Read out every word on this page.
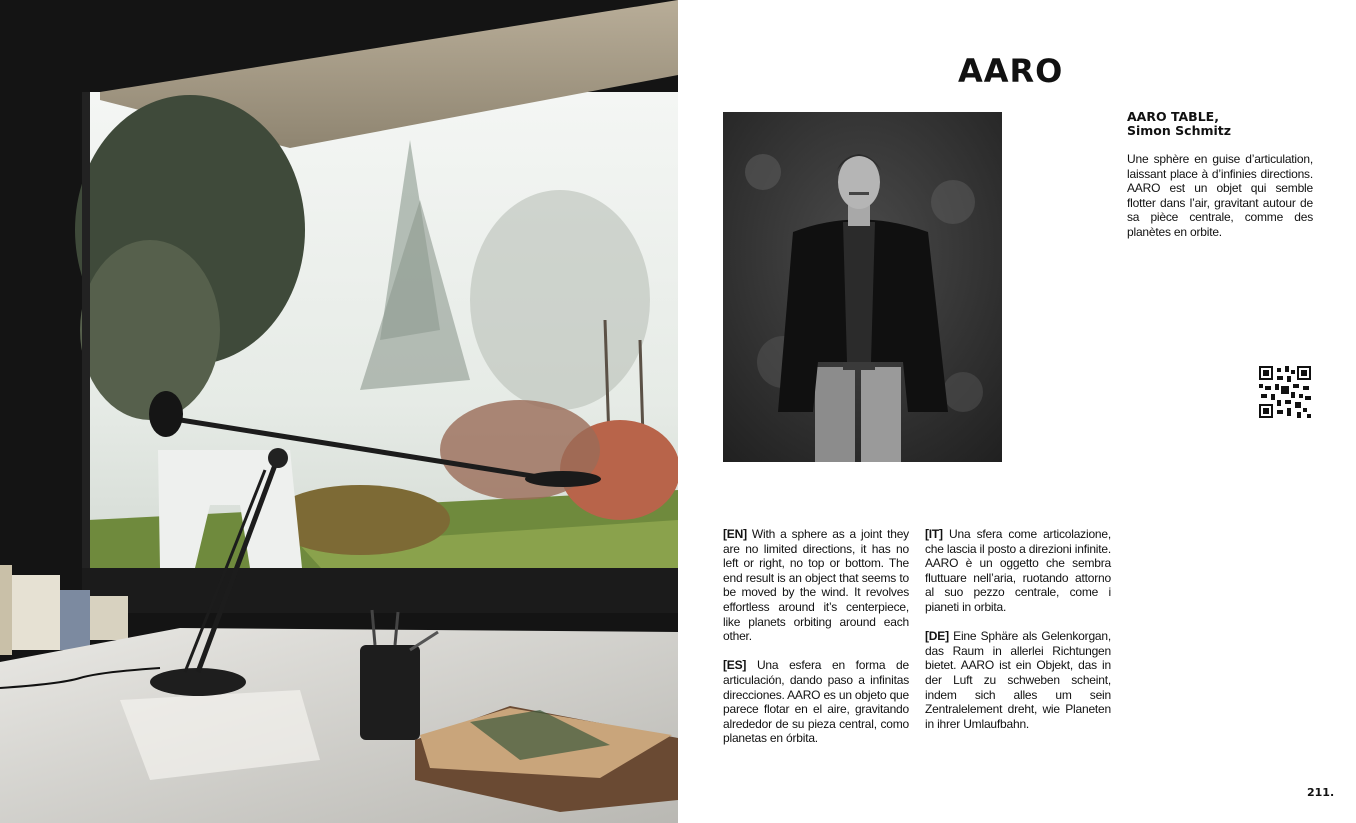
AARO

AARO TABLE,

Simon Schmitz

Une sphère en guise d’articulation, laissant place à d’infinies directions. AARO est un objet qui semble flotter dans l’air, gravitant autour de sa pièce centrale, comme des planètes en orbite.

[EN] With a sphere as a joint they are no limited directions, it has no left or right, no top or bottom. The end result is an object that seems to be moved by the wind. It revolves effortless around it’s centerpiece, like planets orbiting around each other.

[ES] Una esfera en forma de articulación, dando paso a infinitas direcciones. AARO es un objeto que parece flotar en el aire, gravitando alrededor de su pieza central, como planetas en órbita.

[IT] Una sfera come articolazione, che lascia il posto a direzioni infinite. AARO è un oggetto che sembra fluttuare nell’aria, ruotando attorno al suo pezzo centrale, come i pianeti in orbita.

[DE] Eine Sphäre als Gelenkorgan, das Raum in allerlei Richtungen bietet. AARO ist ein Objekt, das in der Luft zu schweben scheint, indem sich alles um sein Zentralelement dreht, wie Planeten in ihrer Umlaufbahn.

211.
